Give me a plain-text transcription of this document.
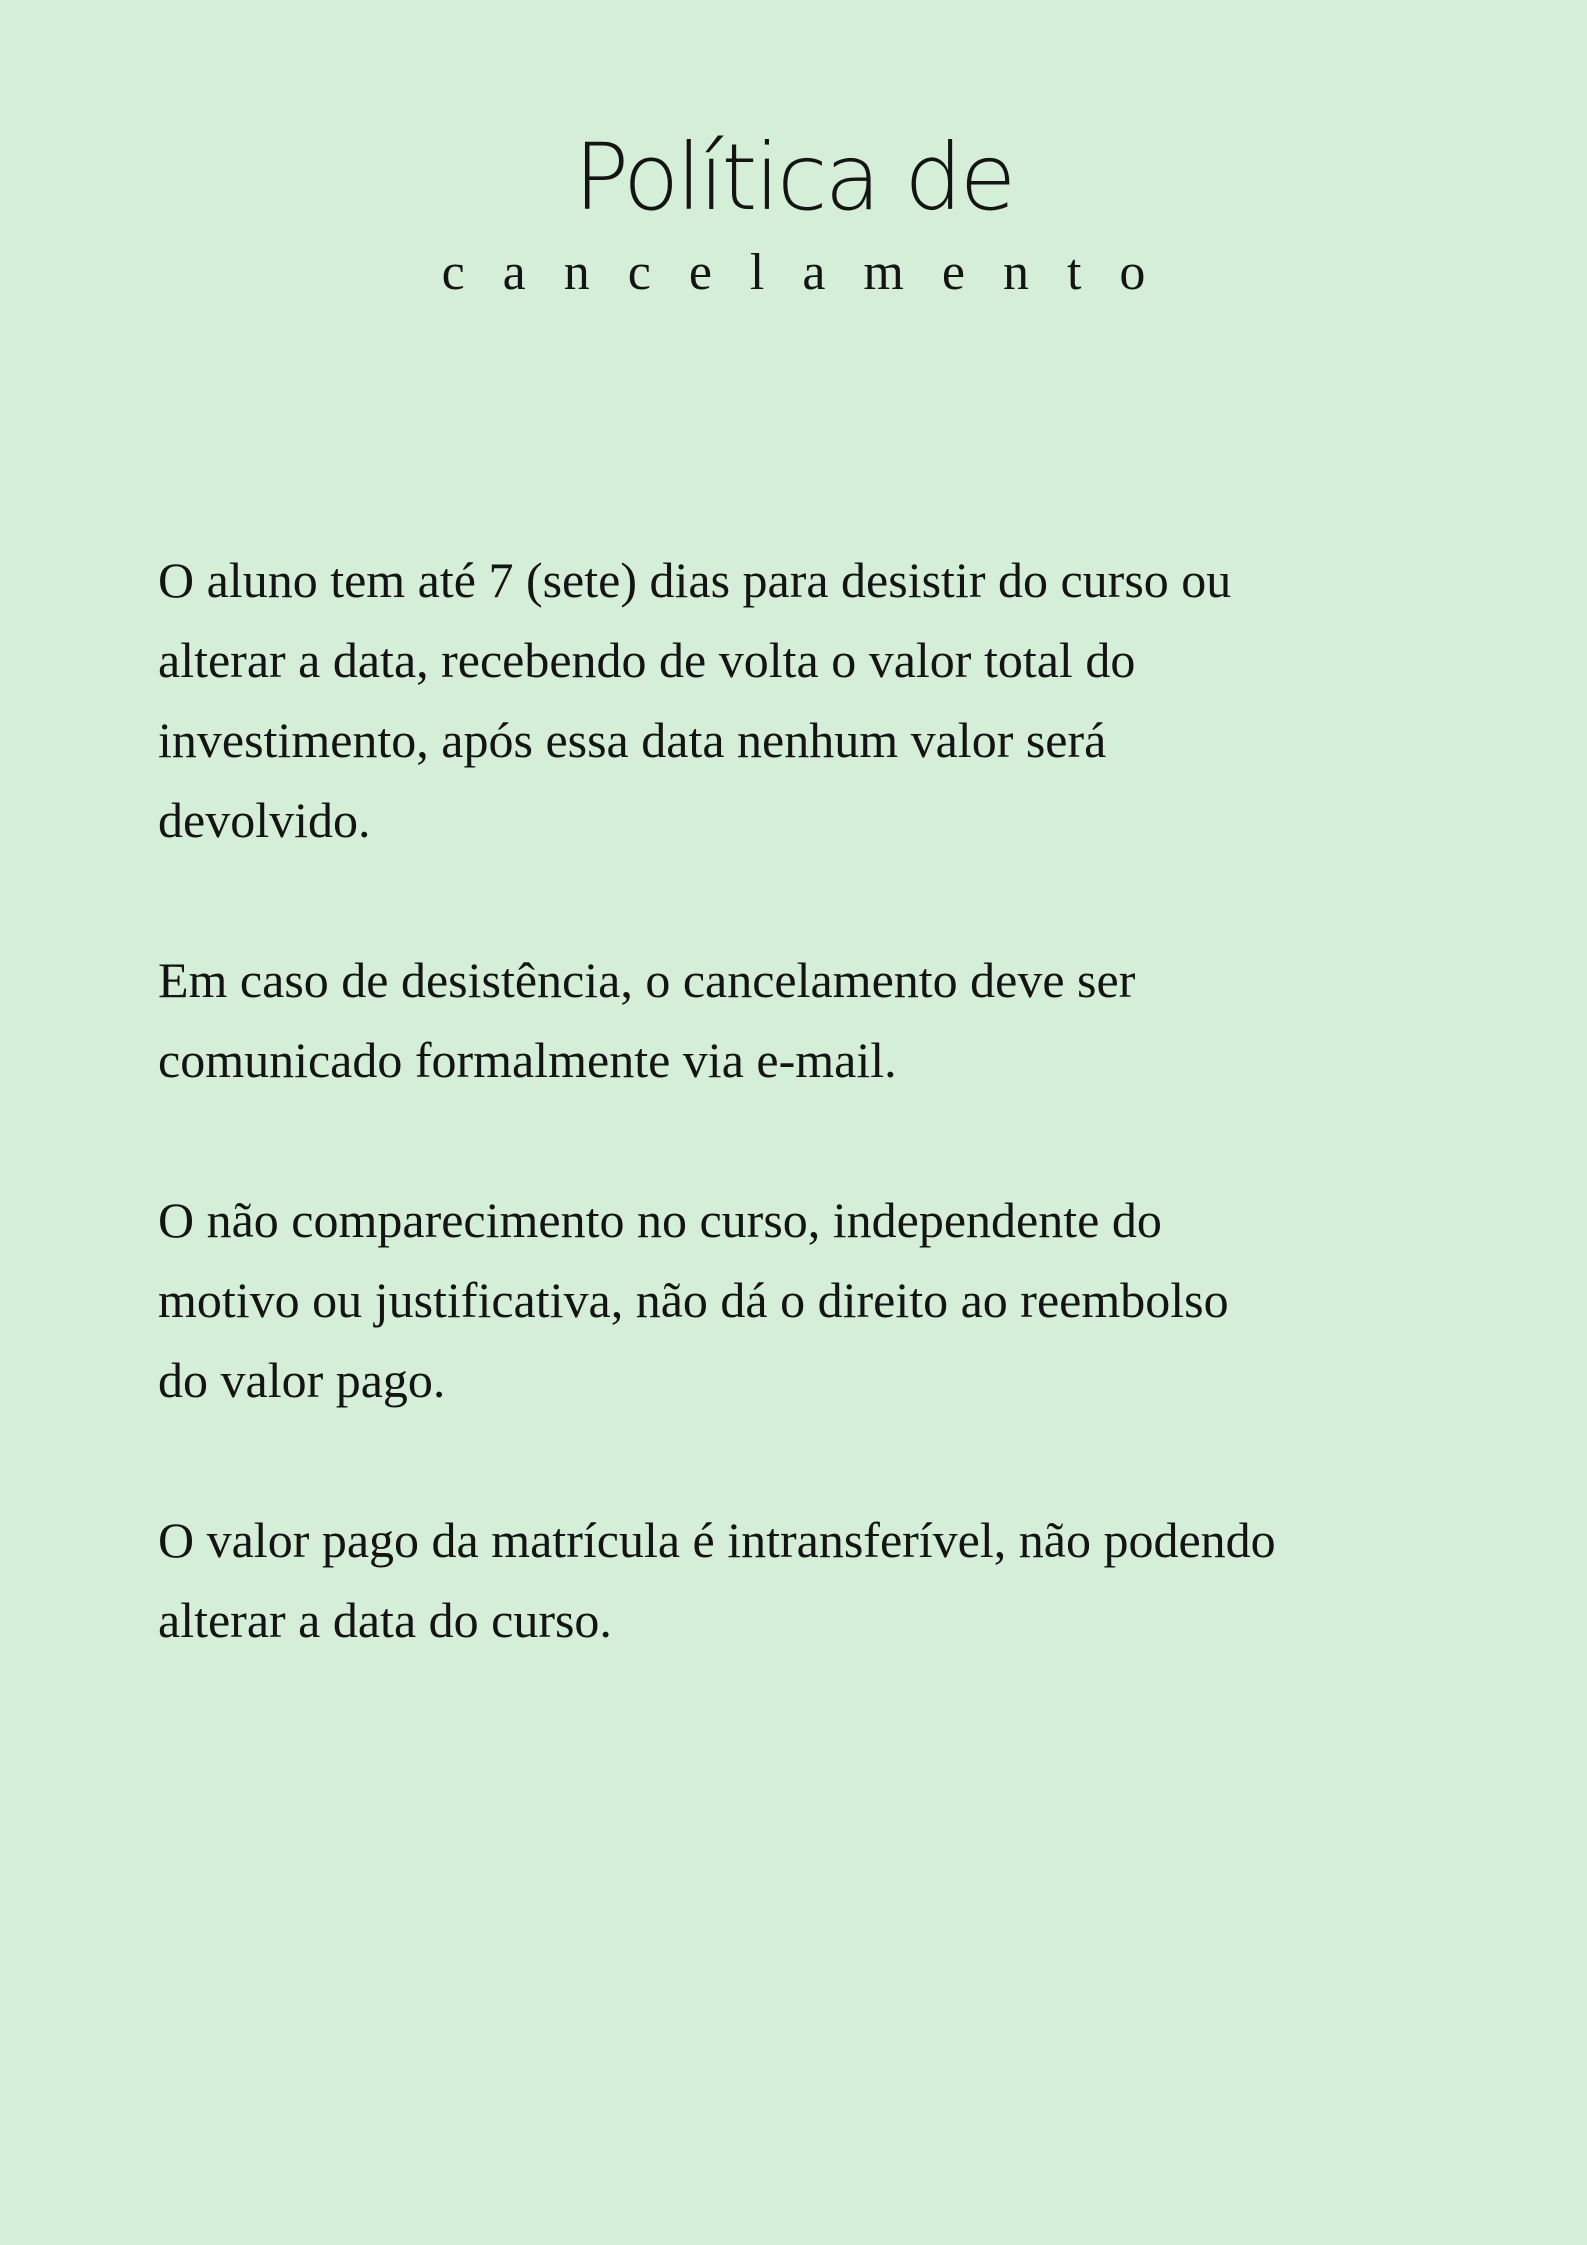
Política de
cancelamento

O aluno tem até 7 (sete) dias para desistir do curso ou
alterar a data, recebendo de volta o valor total do
investimento, após essa data nenhum valor será
devolvido.

Em caso de desistência, o cancelamento deve ser
comunicado formalmente via e-mail.

O não comparecimento no curso, independente do
motivo ou justificativa, não dá o direito ao reembolso
do valor pago.

O valor pago da matrícula é intransferível, não podendo
alterar a data do curso.
